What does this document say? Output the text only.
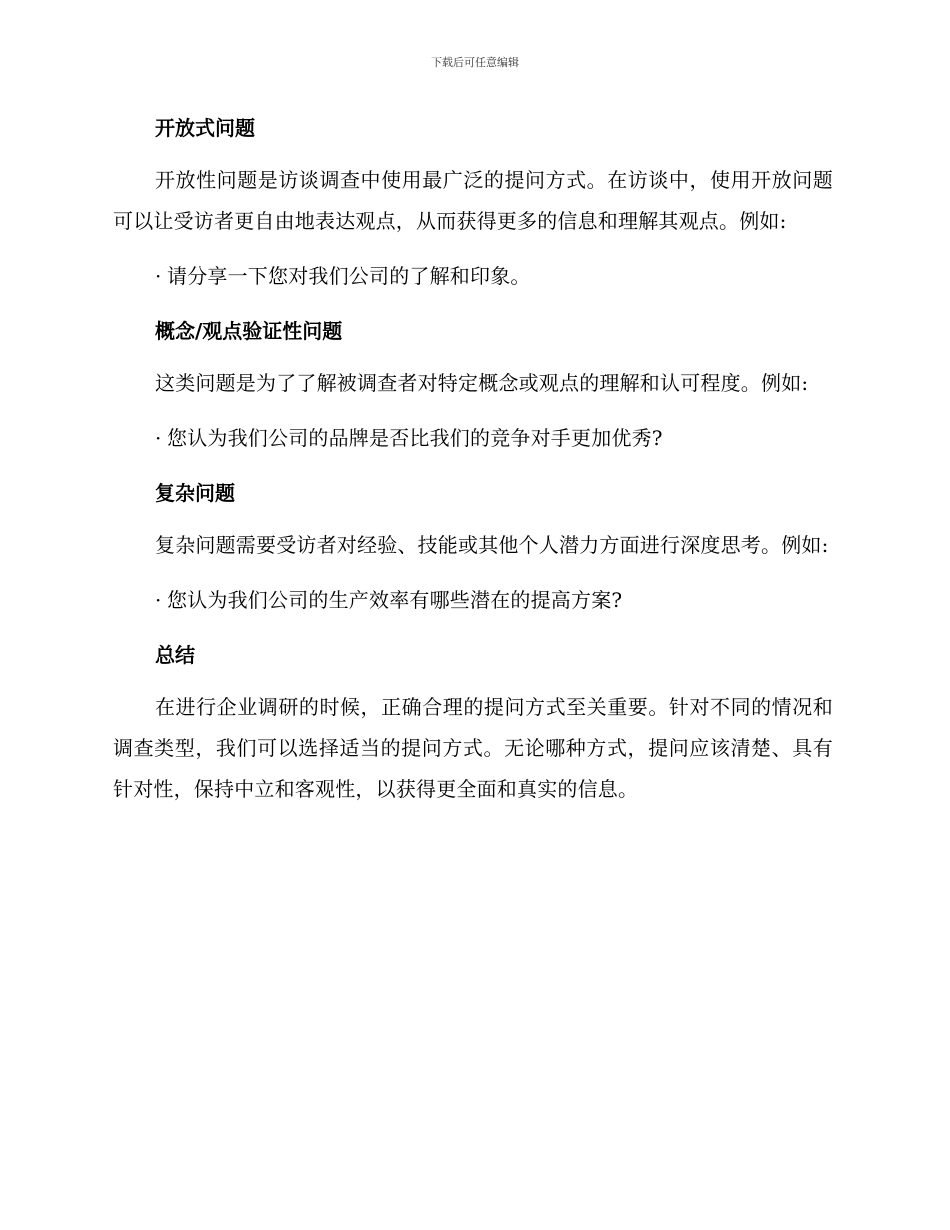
下载后可任意编辑
开放式问题
开放性问题是访谈调查中使用最广泛的提问方式。在访谈中，使用开放问题可以让受访者更自由地表达观点，从而获得更多的信息和理解其观点。例如:
· 请分享一下您对我们公司的了解和印象。
概念/观点验证性问题
这类问题是为了了解被调查者对特定概念或观点的理解和认可程度。例如:
· 您认为我们公司的品牌是否比我们的竞争对手更加优秀?
复杂问题
复杂问题需要受访者对经验、技能或其他个人潜力方面进行深度思考。例如:
· 您认为我们公司的生产效率有哪些潜在的提高方案?
总结
在进行企业调研的时候，正确合理的提问方式至关重要。针对不同的情况和调查类型，我们可以选择适当的提问方式。无论哪种方式，提问应该清楚、具有针对性，保持中立和客观性，以获得更全面和真实的信息。
